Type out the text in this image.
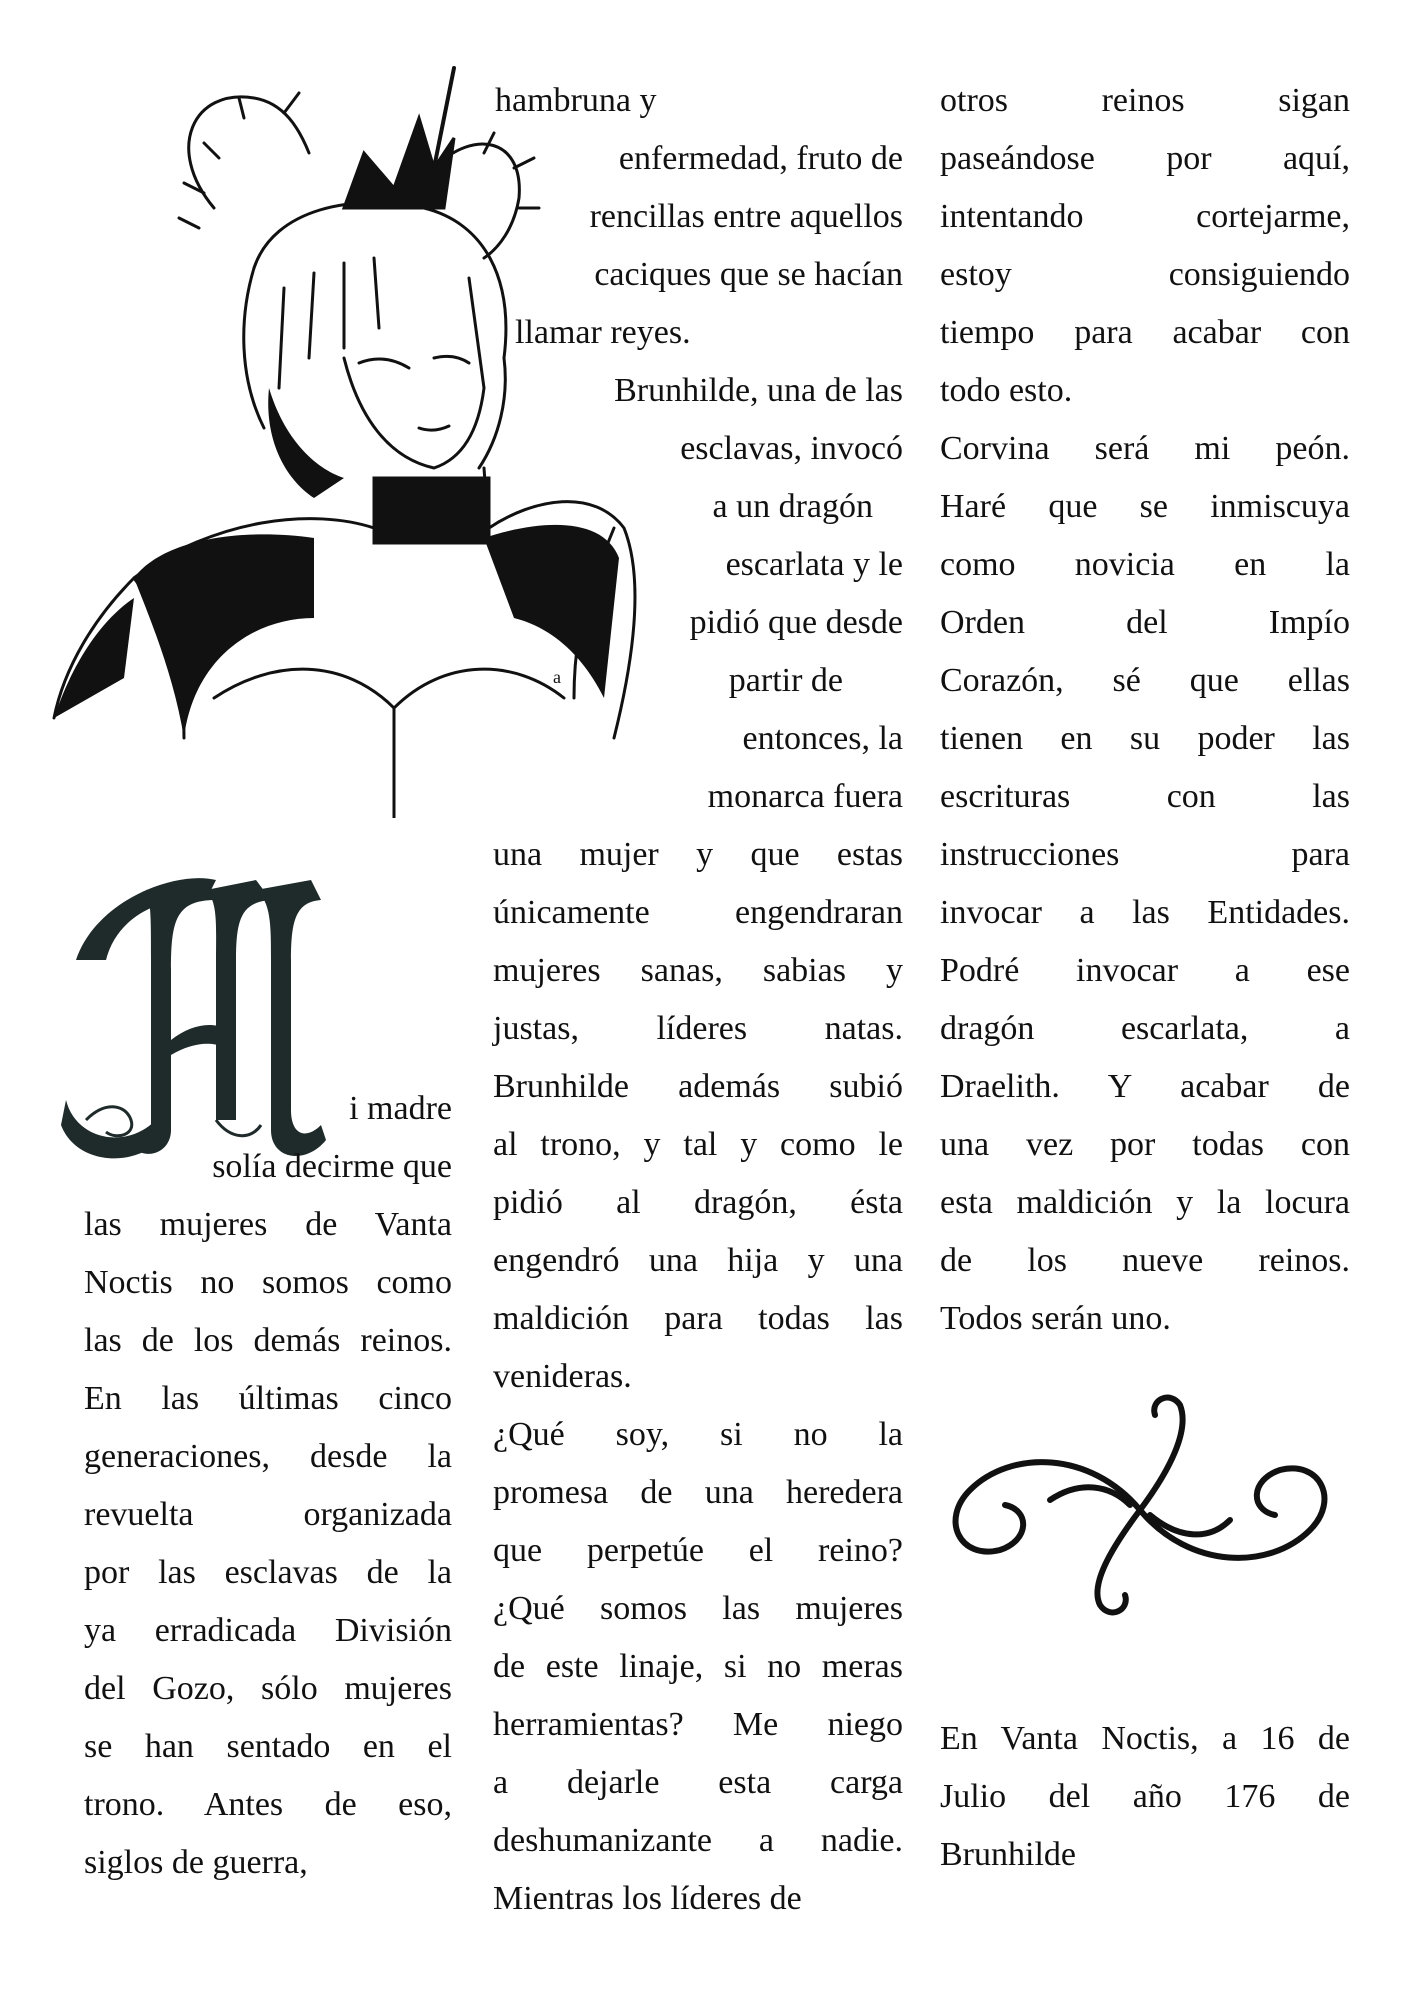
i madre
solía decirme que
las mujeres de Vanta
Noctis no somos como
las de los demás reinos.
En las últimas cinco
generaciones, desde la
revuelta organizada
por las esclavas de la
ya erradicada División
del Gozo, sólo mujeres
se han sentado en el
trono. Antes de eso,
siglos de guerra,
hambruna y
enfermedad, fruto de
rencillas entre aquellos
caciques que se hacían
llamar reyes.
Brunhilde, una de las
esclavas, invocó
a un dragón
escarlata y le
pidió que desde
a	partir de
entonces, la
monarca fuera
una mujer y que estas
únicamente engendraran
mujeres sanas, sabias y
justas, líderes natas.
Brunhilde además subió
al trono, y tal y como le
pidió al dragón, ésta
engendró una hija y una
maldición para todas las
venideras.
¿Qué soy, si no la
promesa de una heredera
que perpetúe el reino?
¿Qué somos las mujeres
de este linaje, si no meras
herramientas? Me niego
a dejarle esta carga
deshumanizante a nadie.
Mientras los líderes de
otros reinos sigan
paseándose por aquí,
intentando cortejarme,
estoy consiguiendo
tiempo para acabar con
todo esto.
Corvina será mi peón.
Haré que se inmiscuya
como novicia en la
Orden del Impío
Corazón, sé que ellas
tienen en su poder las
escrituras con las
instrucciones para
invocar a las Entidades.
Podré invocar a ese
dragón escarlata, a
Draelith. Y acabar de
una vez por todas con
esta maldición y la locura
de los nueve reinos.
Todos serán uno.
En Vanta Noctis, a 16 de
Julio del año 176 de
Brunhilde
